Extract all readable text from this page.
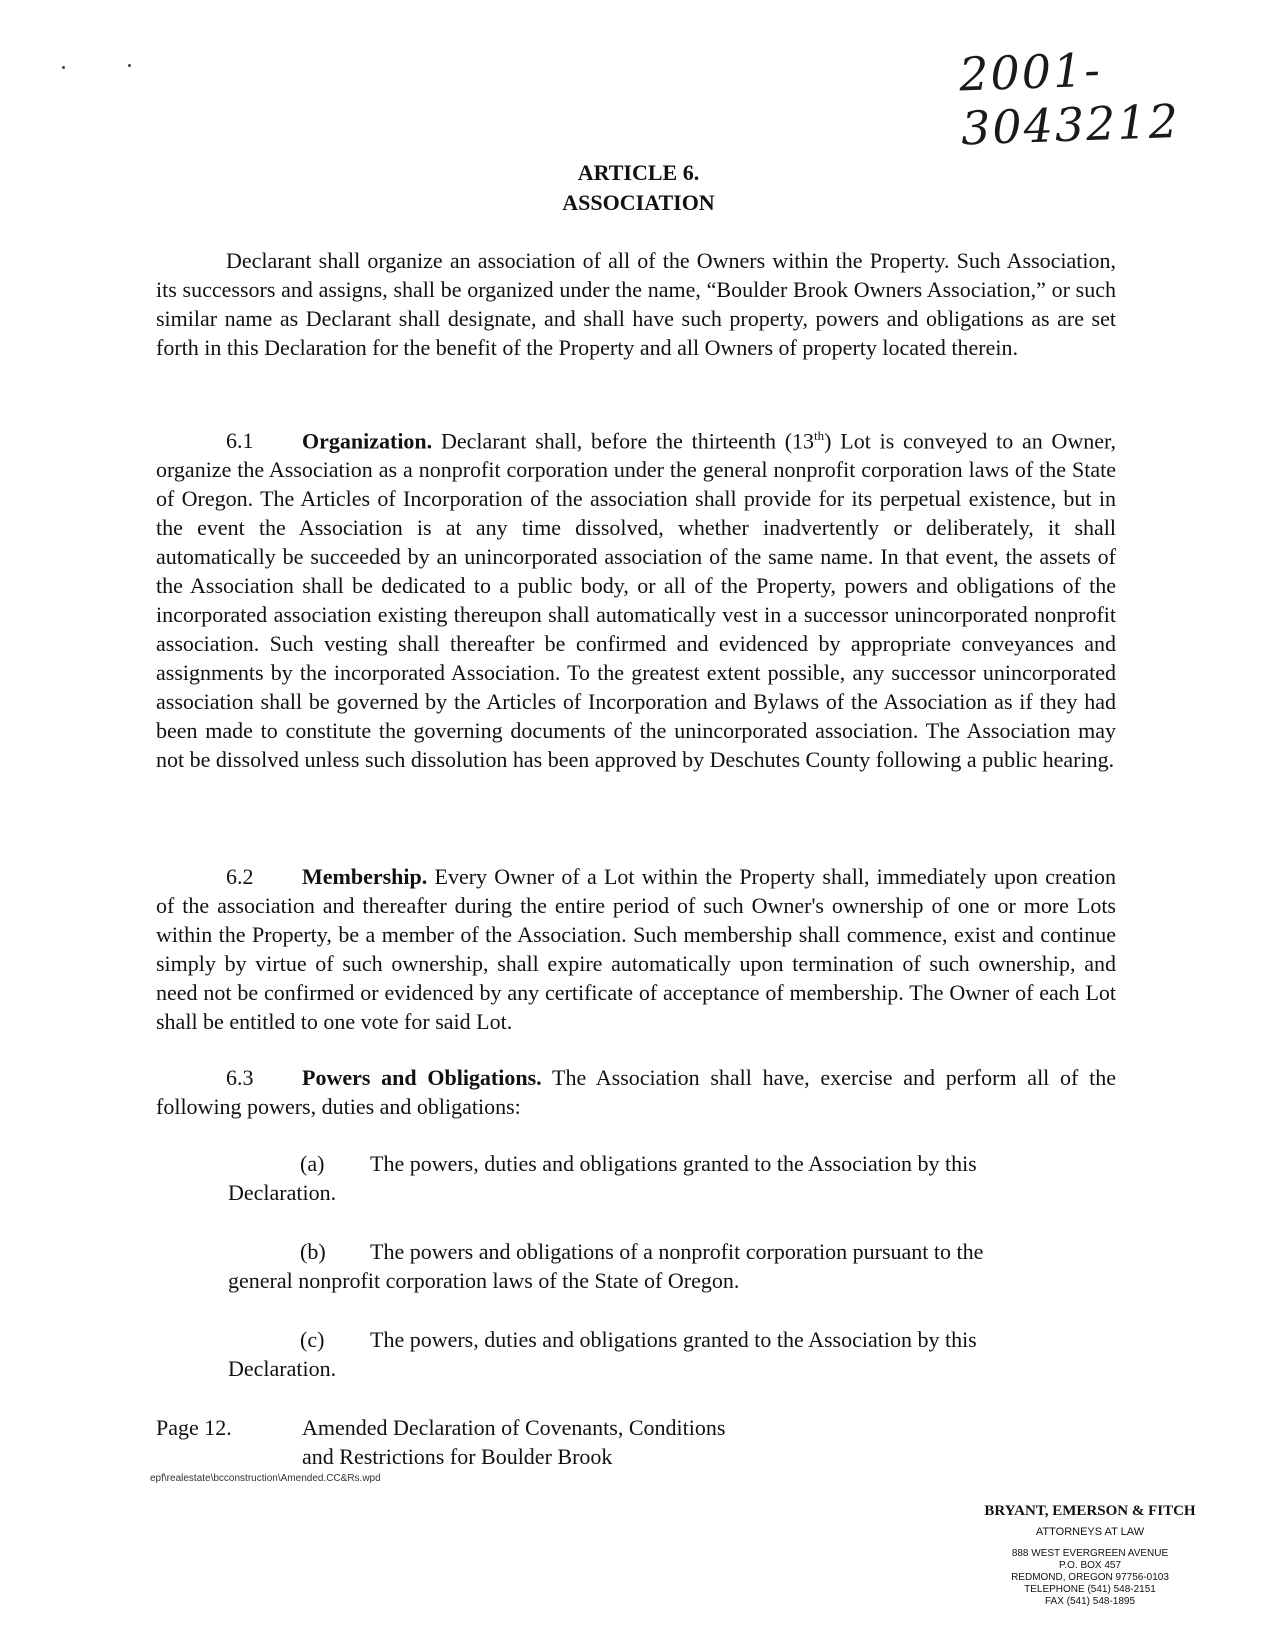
2001-3043212
ARTICLE 6.
ASSOCIATION

Declarant shall organize an association of all of the Owners within the Property. Such Association, its successors and assigns, shall be organized under the name, “Boulder Brook Owners Association,” or such similar name as Declarant shall designate, and shall have such property, powers and obligations as are set forth in this Declaration for the benefit of the Property and all Owners of property located therein.

6.1 Organization. Declarant shall, before the thirteenth (13th) Lot is conveyed to an Owner, organize the Association as a nonprofit corporation under the general nonprofit corporation laws of the State of Oregon. The Articles of Incorporation of the association shall provide for its perpetual existence, but in the event the Association is at any time dissolved, whether inadvertently or deliberately, it shall automatically be succeeded by an unincorporated association of the same name. In that event, the assets of the Association shall be dedicated to a public body, or all of the Property, powers and obligations of the incorporated association existing thereupon shall automatically vest in a successor unincorporated nonprofit association. Such vesting shall thereafter be confirmed and evidenced by appropriate conveyances and assignments by the incorporated Association. To the greatest extent possible, any successor unincorporated association shall be governed by the Articles of Incorporation and Bylaws of the Association as if they had been made to constitute the governing documents of the unincorporated association. The Association may not be dissolved unless such dissolution has been approved by Deschutes County following a public hearing.

6.2 Membership. Every Owner of a Lot within the Property shall, immediately upon creation of the association and thereafter during the entire period of such Owner's ownership of one or more Lots within the Property, be a member of the Association. Such membership shall commence, exist and continue simply by virtue of such ownership, shall expire automatically upon termination of such ownership, and need not be confirmed or evidenced by any certificate of acceptance of membership. The Owner of each Lot shall be entitled to one vote for said Lot.

6.3 Powers and Obligations. The Association shall have, exercise and perform all of the following powers, duties and obligations:

(a) The powers, duties and obligations granted to the Association by this Declaration.

(b) The powers and obligations of a nonprofit corporation pursuant to the general nonprofit corporation laws of the State of Oregon.

(c) The powers, duties and obligations granted to the Association by this Declaration.

Page 12.	Amended Declaration of Covenants, Conditions
and Restrictions for Boulder Brook
epf\realestate\bcconstruction\Amended.CC&Rs.wpd
BRYANT, EMERSON & FITCH
ATTORNEYS AT LAW
888 WEST EVERGREEN AVENUE
P.O. BOX 457
REDMOND, OREGON 97756-0103
TELEPHONE (541) 548-2151
FAX (541) 548-1895
